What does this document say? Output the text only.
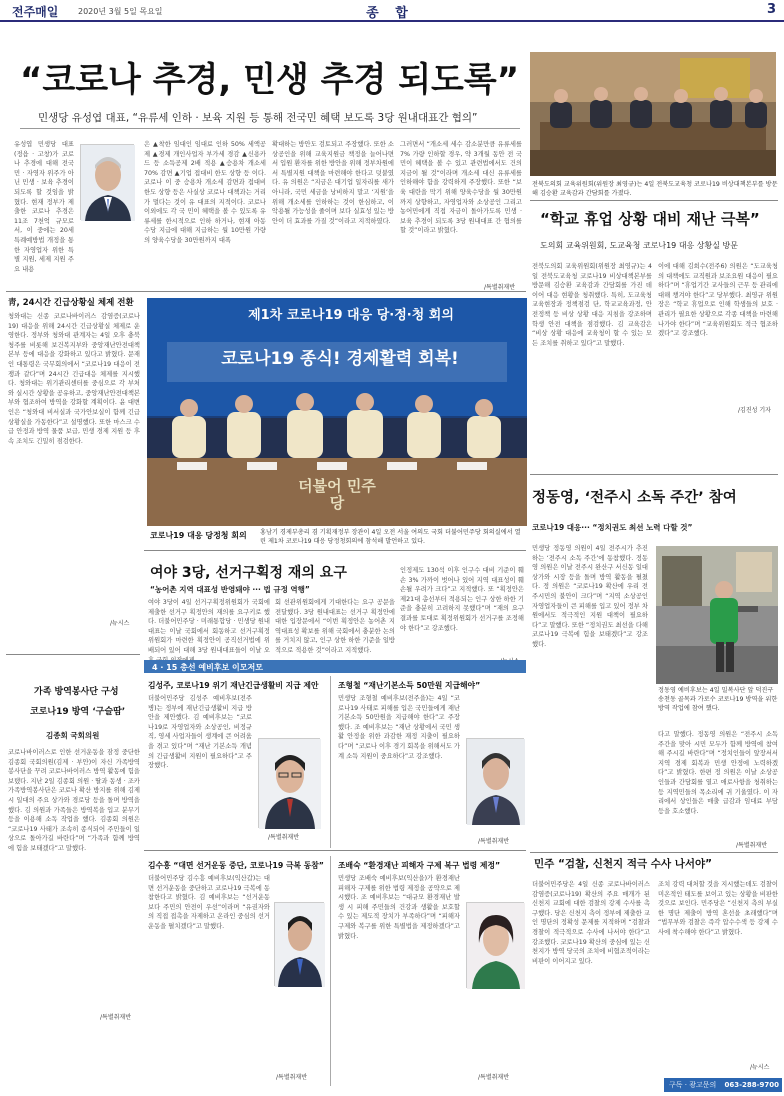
전주매일 2020년 3월 5일 목요일	종 합	3
“코로나 추경, 민생 추경 되도록”
민생당 유성엽 대표, “유류세 인하 · 보육 지원 등 통해 전국민 혜택 보도록 3당 원내대표간 협의”
유성엽 민생당 대표(정읍 · 고창)가 코로나 추경에 대해 전국민 · 자영자 위주가 아닌 민생 · 보육 추경이 되도록 할 것임을 밝혔다. 현재 정부가 제출한 코로나 추경은 11조 7천억 규모로서, 이 중에는 20세 특례예방법 개정을 통한 자영업자 위한 특별 지원, 세제 지원 주요 내용
은 ▲착한 임대인 임대료 인하 50% 세액공제 ▲경제 개인사업자 부가세 경감 ▲신용카드 등 소득공제 2배 적용 ▲승용차 개소세 70% 감면 ▲기업 접대비 한도 상향 등 이다. 코로나 이 중 승용차 개소세 감면과 접대비 한도 상향 등은 사실상 코로나 대책과는 거리가 멀다는 것이 유 대표의 지적이다. 코로나 이외에도 각 국 민이 혜택을 볼 수 있도록 유류세를 한시적으로 인하 하거나, 현재 아동 수당 지급에 대해 지급하는 월 10만원 가량의 양육수당을 30만원까지 대폭
확대하는 방안도 검토되고 주장했다. 또한 소상공인을 위해 교육지원금 책정을 늘어나면서 입원 환자를 위한 방안을 위해 정부차원에서 특별지원 대책을 마련해야 한다고 덧붙였다. 유 의원은 “지금은 대기업 일자리를 새가 아니라, 국민 세금을 낭비하지 말고 ‘지원’을 위해 개소세를 인하하는 것이 한심하고, 이 악용될 가능성을 줄이며 보다 실효성 있는 방안이 더 효과를 가질 것”이라고 지적하였다.
그러면서 “개소세 세수 감소분만큼 유류세를 7% 가량 인하할 경우, 약 3개월 동안 전 국민이 혜택을 볼 수 있고 관련법에서도 건의 지금이 될 것”이라며 개소세 대신 유류세를 인하해야 함을 강력하게 주장했다. 또한 “보육 대란을 막기 위해 양육수당을 월 30만원까지 상향하고, 자영업자와 소상공인 그리고 농어민에게 직접 자금이 돌아가도록 민생 · 보육 추경이 되도록 3당 원내대표 간 협의를 할 것”이라고 밝혔다.
/특별취재반
전북도의회 교육위원회(위원장 최영규)는 4일 전북도교육청 코로나19 비상대책본부를 방문해 김승환 교육감과 간담회를 가졌다.
“학교 휴업 상황 대비 재난 극복”
도의회 교육위원회, 도교육청 코로나19 대응 상황실 방문
전북도의회 교육위원회(위원장 최영규)는 4일 전북도교육청 코로나19 비상대책본부를 방문해 김승환 교육감과 간담회를 가진 데 이어 대응 현황을 청취했다. 특히, 도교육청 교육현장과 정책점검 단, 학교교육과정, 안전정책 등 비상 상황 대응 지침을 강조하며 학생 안전 대책을 점검했다. 김 교육감은 “비상 상황 대응에 교육청이 할 수 있는 모든 조치를 취하고 있다”고 말했다.
이에 대해 김희수(전주6) 의원은 “도교육청의 대책에도 교직원과 보조요원 대응이 필요하다”며 “휴업기간 교사들의 근무 등 관리에 대해 챙겨야 한다”고 당부했다. 최영규 위원장은 “학교 휴업으로 인해 학생들의 보호 · 관리가 필요한 상황으로 각종 대책을 마련해 나가야 한다”며 “교육위원회도 적극 협조하겠다”고 강조했다.
/김진성 기자
靑, 24시간 긴급상황실 체제 전환
청와대는 신종 코로나바이러스 감염증(코로나19) 대응을 위해 24시간 긴급상황실 체제로 운영한다. 정부와 청와대 관계자는 4일 오후 충북 청주를 비롯해 보건복지부와 중앙재난안전대책본부 등에 대응을 강화하고 있다고 밝혔다. 문재인 대통령은 국무회의에서 “코로나19 대응이 전쟁과 같다”며 24시간 긴급대응 체제를 지시했다. 청와대는 위기관리센터를 중심으로 각 부처와 실시간 상황을 공유하고, 중앙재난안전대책본부와 협조하여 방역을 강화할 계획이다. 윤 대변인은 “청와대 비서실과 국가안보실이 함께 긴급상황실을 가동한다”고 설명했다. 또한 마스크 수급 안정과 방역 물품 보급, 민생 경제 지원 등 후속 조치도 긴밀히 점검한다.
/뉴시스
제1차 코로나19 대응 당·정·청 회의
코로나19 종식! 경제활력 회복!
더불어 민주당
코로나19 대응 당정청 회의 홍남기 경제부총리 겸 기획재정부 장관이 4일 오전 서울 여의도 국회 더불어민주당 회의실에서 열린 제1차 코로나19 대응 당정청회의에 참석해 발언하고 있다.
여야 3당, 선거구획정 재의 요구
“농어촌 지역 대표성 반영돼야 ··· 법 규정 역행”
여야 3당이 4일 선거구획정위원회가 국회에 제출한 선거구 획정안의 재의를 요구키로 했다. 더불어민주당 · 미래통합당 · 민생당 원내대표는 이날 국회에서 회동하고 선거구획정위원회가 마련한 획정안이 공직선거법에 위배되어 있어 대해 3당 원내대표들이 이날 오
회 선관위원회에게 기대한다는 요구 공문을 전달했다. 3당 원내대표는 선거구 획정안에 대한 입장문에서 “이번 획정안은 농어촌 지역대표성 확보를 위해 국회에서 충분한 논의를 거치지 않고, 인구 상한 하한 기준을 일방적으로 적용한 것”이라고 지적했다.
인정제도 130석 이후 인구수 대비 기준이 훼손 3% 가까이 벗어나 있어 지역 대표성이 훼손될 우려가 크다”고 지적했다. 또 “획정안은 제21대 총선부터 적용되는 인구 상한 하한 기준을 충분히 고려하지 못했다”며 “재의 요구 결과를 토대로 획정위원회가 선거구를 조정해야 한다”고 강조했다.
가족 방역봉사단 구성
코로나19 방역 ‘구슬땀’
김종회 국회의원
코로나바이러스로 인한 선거운동을 잠정 중단한 김종회 국회의원(김제 · 부안)이 자신 가족방역봉사단을 꾸려 코로나바이러스 방역 활동에 힘을 보탰다. 지난 2일 김종회 의원 · 딸과 동생 · 조카 가족방역봉사단은 코로나 확산 방지를 위해 김제시 일대의 주요 상가와 경로당 등을 돌며 방역을 했다. 김 의원과 가족들은 방역복을 입고 분무기 등을 이용해 소독 작업을 했다. 김종회 의원은 “코로나19 사태가 조속히 종식되어 주민들이 일상으로 돌아가길 바란다”며 “가족과 함께 방역에 힘을 보태겠다”고 말했다.
/특별취재반
4 · 15 총선 예비후보 이모저모
김성주, 코로나19 위기 재난긴급생활비 지급 제안
더불어민주당 김성주 예비후보(전주병)는 정부에 재난긴급생활비 지급 방안을 제안했다. 김 예비후보는 “코로나19로 자영업자와 소상공인, 비정규직, 영세 사업자들이 생계에 큰 어려움을 겪고 있다”며 “재난 기본소득 개념의 긴급생활비 지원이 필요하다”고 주장했다.
/특별취재반
조형철 “재난기본소득 50만원 지급해야”
민생당 조형철 예비후보(전주을)는 4일 “코로나19 사태로 피해를 입은 국민들에게 재난기본소득 50만원을 지급해야 한다”고 주장했다. 조 예비후보는 “재난 상황에서 국민 생활 안정을 위한 과감한 재정 지출이 필요하다”며 “코로나 이후 경기 회복을 위해서도 가계 소득 지원이 중요하다”고 강조했다.
/특별취재반
김수흥 “대면 선거운동 중단, 코로나19 극복 동참”
더불어민주당 김수흥 예비후보(익산갑)는 대면 선거운동을 중단하고 코로나19 극복에 동참한다고 밝혔다. 김 예비후보는 “선거운동보다 주민의 안전이 우선”이라며 “유권자와의 직접 접촉을 자제하고 온라인 중심의 선거운동을 펼치겠다”고 말했다.
/특별취재반
조배숙 “환경재난 피해자 구제 복구 법령 제정”
민생당 조배숙 예비후보(익산을)가 환경재난 피해자 구제를 위한 법령 제정을 공약으로 제시했다. 조 예비후보는 “대규모 환경재난 발생 시 피해 주민들의 건강과 생활을 보호할 수 있는 제도적 장치가 부족하다”며 “피해자 구제와 복구를 위한 특별법을 제정하겠다”고 밝혔다.
/특별취재반
정동영, ‘전주시 소독 주간’ 참여
코로나19 대응··· “정치권도 최선 노력 다할 것”
민생당 정동영 의원이 4일 전주시가 추진하는 ‘전주시 소독 주간’에 동참했다. 정동영 의원은 이날 전주시 완산구 서신동 일대 상가와 시장 등을 돌며 방역 활동을 펼쳤다. 정 의원은 “코로나19 확산에 우리 전주시민의 불안이 크다”며 “지역 소상공인 자영업자들이 큰 피해를 입고 있어 정부 차원에서도 적극적인 지원 대책이 필요하다”고 말했다. 또한 “정치권도 최선을 다해 코로나19 극복에 힘을 보태겠다”고 강조했다.
정동영 예비후보는 4일 밀복사단 앞 덕진구 송천동 골목과 가로수 코로나19 방역을 위한 방역 작업에 참여 했다.
다고 말했다. 정동영 의원은 “전주시 소독 주간을 맞아 시민 모두가 함께 방역에 참여해 주시길 바란다”며 “정치인들이 앞장서서 지역 경제 회복과 민생 안정에 노력하겠다”고 밝혔다. 한편 정 의원은 이날 소상공인들과 간담회를 열고 애로사항을 청취하는 등 지역민들의 목소리에 귀 기울였다. 이 자리에서 상인들은 매출 급감과 임대료 부담 등을 호소했다.
/특별취재반
민주 “검찰, 신천지 적극 수사 나서야”
더불어민주당은 4일 신종 코로나바이러스 감염증(코로나19) 확산의 주요 매개가 된 신천지 교회에 대한 검찰의 강제 수사를 촉구했다. 당은 신천지 측이 정부에 제출한 교인 명단의 정확성 문제를 지적하며 “검찰과 경찰이 적극적으로 수사에 나서야 한다”고 강조했다. 코로나19 확산의 중심에 있는 신천지가 방역 당국의 조치에 비협조적이라는 비판이 이어지고 있다.
조치 강력 대처할 것을 지시했는데도 검찰이 미온적인 태도를 보이고 있는 상황을 비판한 것으로 보인다. 민주당은 “신천지 측의 부실한 명단 제출이 방역 혼선을 초래했다”며 “법무부와 검찰은 즉각 압수수색 등 강제 수사에 착수해야 한다”고 밝혔다.
/뉴시스
구독 · 광고문의 063-288-9700
